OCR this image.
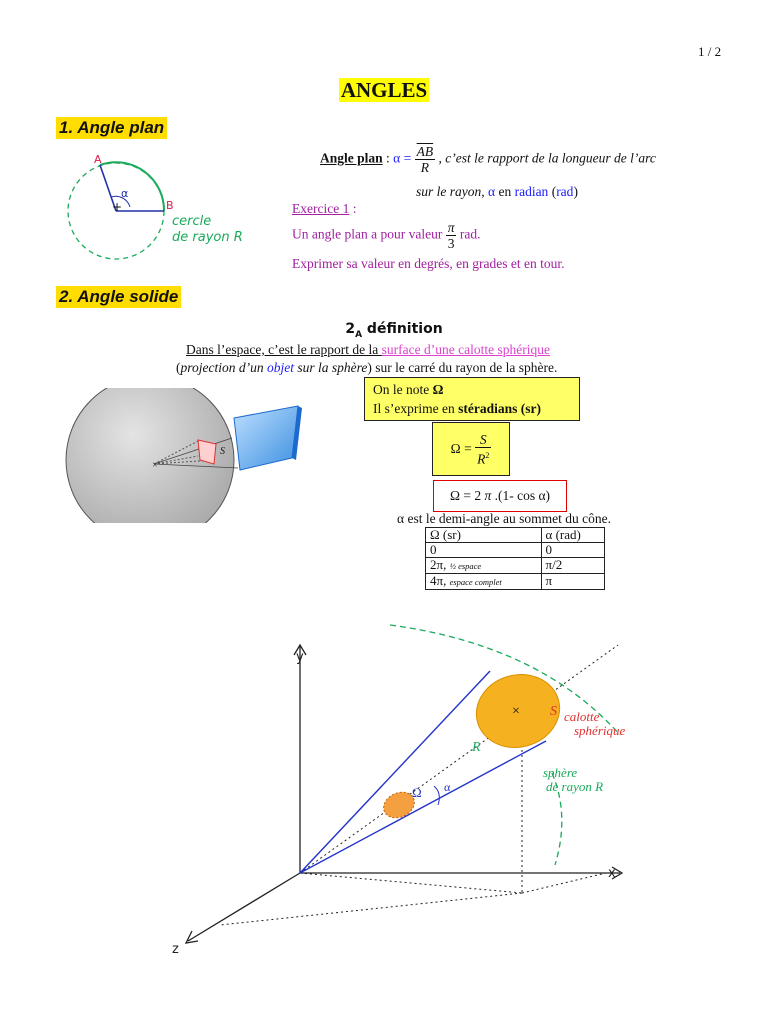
1 / 2
ANGLES
1. Angle plan
+
A
B
α
cercle
de rayon R
Angle plan : $\alpha = \frac{\overline{AB}}{R}$ , c’est le rapport de la longueur de l’arc
sur le rayon, α en radian (rad)
Exercice 1 :
Un angle plan a pour valeur $\frac{\pi}{3}$ rad.
Exprimer sa valeur en degrés, en grades et en tour.
2. Angle solide
$2_A$ définition
Dans l’espace, c’est le rapport de la surface d’une calotte sphérique
(projection d’un objet sur la sphère) sur le carré du rayon de la sphère.
×
S
On le note Ω
Il s’exprime en stéradians (sr)
Ω =
$\frac{S}{R^2}$
Ω = 2
π
.(1- cos α)
α est le demi-angle au sommet du cône.
Ω (sr)	α (rad)
0	0
2π, ½ espace	π/2
4π, espace complet	π
× S calotte
sphérique
R
sphère
de rayon R
Ω α
y
x
z
